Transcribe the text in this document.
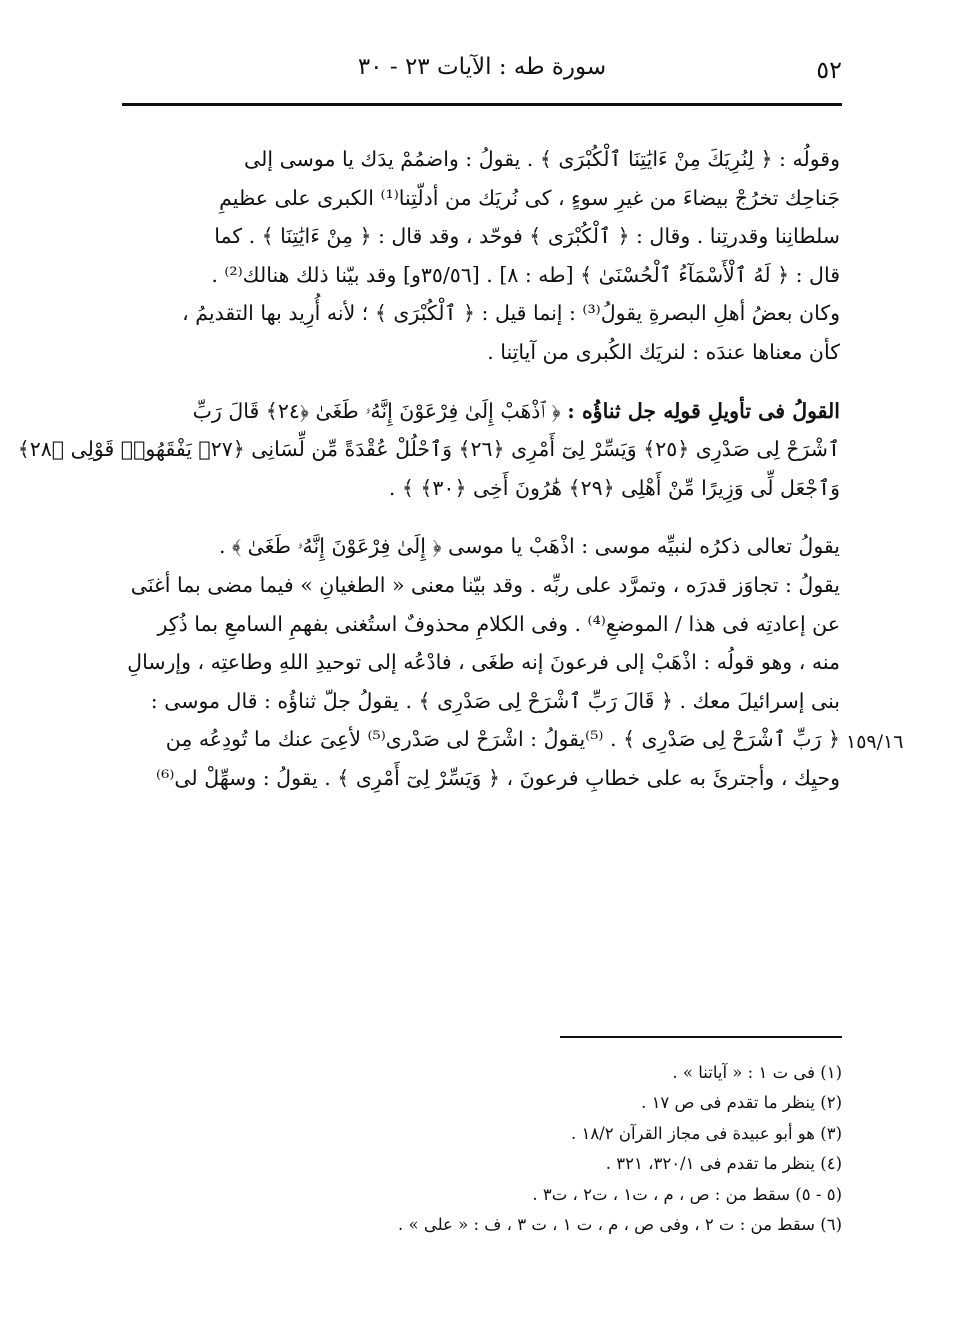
٥٢
سورة طه : الآيات ٢٣ - ٣٠

وقولُه : ﴿ لِنُرِيَكَ مِنْ ءَايَٰتِنَا ٱلْكُبْرَى ﴾ . يقولُ : واضمُمْ يدَك يا موسى إلى
جَناحِك تخرُجْ بيضاءَ من غيرِ سوءٍ ، كى نُريَك من أدلّتِنا⁽¹⁾ الكبرى على عظيمِ
سلطانِنا وقدرتِنا . وقال : ﴿ ٱلْكُبْرَى ﴾ فوحّد ، وقد قال : ﴿ مِنْ ءَايَٰتِنَا ﴾ . كما
قال : ﴿ لَهُ ٱلْأَسْمَآءُ ٱلْحُسْنَىٰ ﴾ [طه : ٨] . [٣٥/٥٦و] وقد بيّنا ذلك هنالك⁽²⁾ .
وكان بعضُ أهلِ البصرةِ يقولُ⁽³⁾ : إنما قيل : ﴿ ٱلْكُبْرَى ﴾ ؛ لأنه أُرِيد بها التقديمُ ،
كأن معناها عندَه : لنريَك الكُبرى من آياتِنا .

القولُ فى تأويلِ قولِه جل ثناؤُه : ﴿ ٱذْهَبْ إِلَىٰ فِرْعَوْنَ إِنَّهُۥ طَغَىٰ ﴿٢٤﴾ قَالَ رَبِّ
ٱشْرَحْ لِى صَدْرِى ﴿٢٥﴾ وَيَسِّرْ لِىٓ أَمْرِى ﴿٢٦﴾ وَٱحْلُلْ عُقْدَةً مِّن لِّسَانِى ﴿٢٧﴾ يَفْقَهُوا۟ قَوْلِى ﴿٢٨﴾
وَٱجْعَل لِّى وَزِيرًا مِّنْ أَهْلِى ﴿٢٩﴾ هَٰرُونَ أَخِى ﴿٣٠﴾ ﴾ .

يقولُ تعالى ذكرُه لنبيِّه موسى : اذْهَبْ يا موسى ﴿ إِلَىٰ فِرْعَوْنَ إِنَّهُۥ طَغَىٰ ﴾ .
يقولُ : تجاوَز قدرَه ، وتمرَّد على ربِّه . وقد بيّنا معنى « الطغيانِ » فيما مضى بما أغنَى
عن إعادتِه فى هذا / الموضعِ⁽⁴⁾ . وفى الكلامِ محذوفٌ استُغنى بفهمِ السامعِ بما ذُكِر
منه ، وهو قولُه : اذْهَبْ إلى فرعونَ إنه طغَى ، فادْعُه إلى توحيدِ اللهِ وطاعتِه ، وإرسالِ
بنى إسرائيلَ معك . ﴿ قَالَ رَبِّ ٱشْرَحْ لِى صَدْرِى ﴾ . يقولُ جلّ ثناؤُه : قال موسى :
﴿ رَبِّ ٱشْرَحْ لِى صَدْرِى ﴾ . ⁽⁵⁾يقولُ : اشْرَحْ لى صَدْرى⁽⁵⁾ لأعِىَ عنك ما تُودِعُه مِن
وحيِك ، وأجترئَ به على خطابِ فرعونَ ، ﴿ وَيَسِّرْ لِىٓ أَمْرِى ﴾ . يقولُ : وسهِّلْ لى⁽⁶⁾

١٥٩/١٦

(١) فى ت ١ : « آياتنا » .

(٢) ينظر ما تقدم فى ص ١٧ .

(٣) هو أبو عبيدة فى مجاز القرآن ١٨/٢ .

(٤) ينظر ما تقدم فى ٣٢٠/١، ٣٢١ .

(٥ - ٥) سقط من : ص ، م ، ت١ ، ت٢ ، ت٣ .

(٦) سقط من : ت ٢ ، وفى ص ، م ، ت ١ ، ت ٣ ، ف : « على » .
